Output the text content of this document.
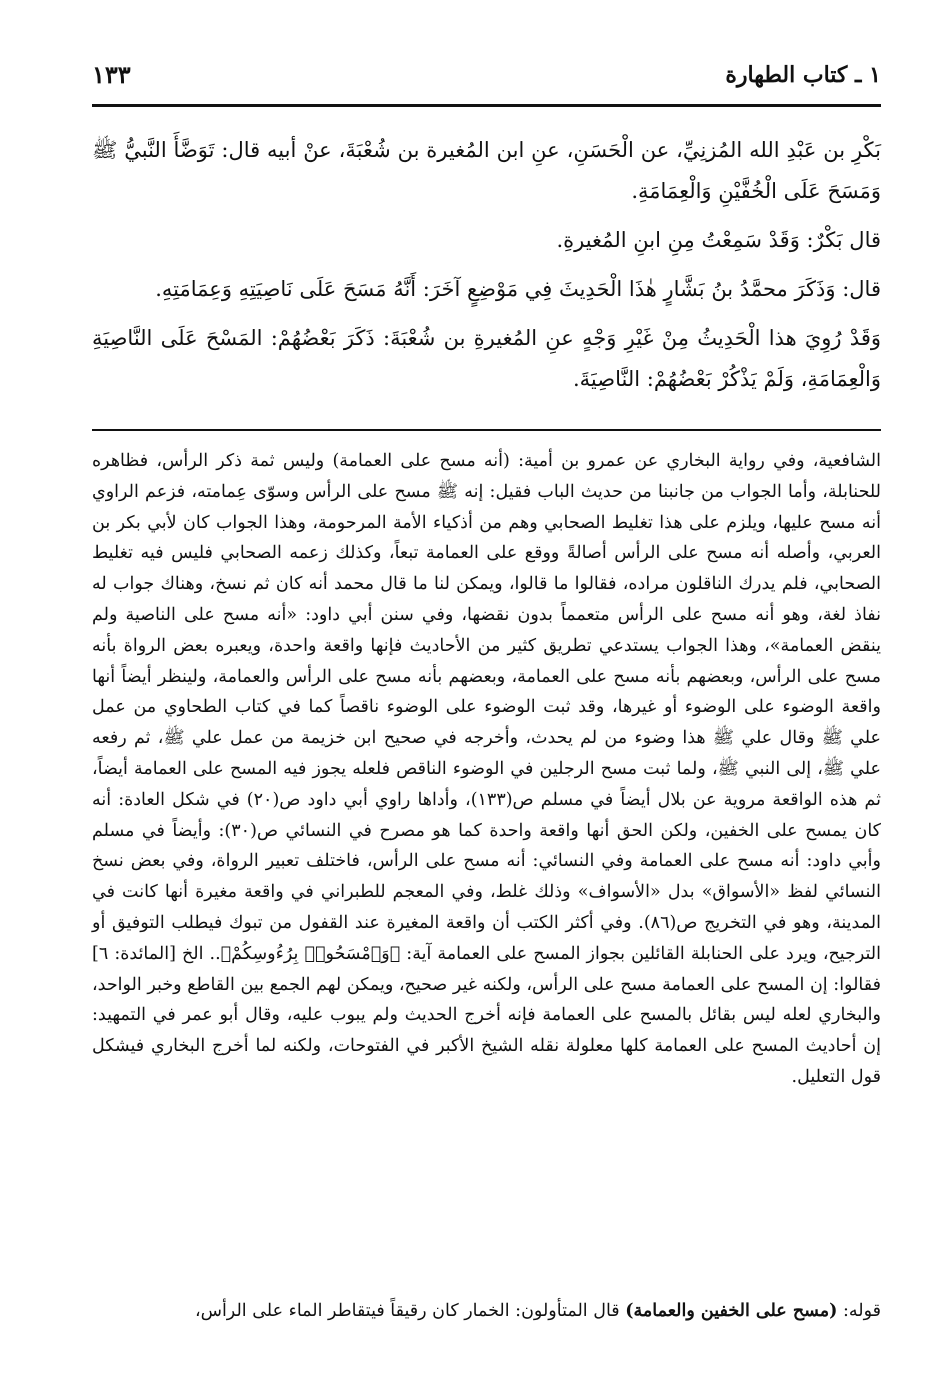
١ ـ كتاب الطهارة
١٣٣

بَكْرِ بن عَبْدِ الله المُزنِيِّ، عن الْحَسَنِ، عنِ ابن المُغيرة بن شُعْبَةَ، عنْ أبيه قال: تَوَضَّأَ النَّبيُّ ﷺ وَمَسَحَ عَلَى الْخُفَّيْنِ وَالْعِمَامَةِ.

قال بَكْرٌ: وَقَدْ سَمِعْتُ مِنِ ابنِ المُغيرةِ.

قال: وَذَكَرَ محمَّدُ بنُ بَشَّارٍ هٰذَا الْحَدِيثَ فِي مَوْضِعٍ آخَرَ: أَنَّهُ مَسَحَ عَلَى نَاصِيَتِهِ وَعِمَامَتِهِ.

وَقَدْ رُوِيَ هذا الْحَدِيثُ مِنْ غَيْرِ وَجْهٍ عنِ المُغيرةِ بن شُعْبَةَ: ذَكَرَ بَعْضُهُمْ: المَسْحَ عَلَى النَّاصِيَةِ وَالْعِمَامَةِ، وَلَمْ يَذْكُرْ بَعْضُهُمْ: النَّاصِيَةَ.

الشافعية، وفي رواية البخاري عن عمرو بن أمية: (أنه مسح على العمامة) وليس ثمة ذكر الرأس، فظاهره للحنابلة، وأما الجواب من جانبنا من حديث الباب فقيل: إنه ﷺ مسح على الرأس وسوّى عِمامته، فزعم الراوي أنه مسح عليها، ويلزم على هذا تغليط الصحابي وهم من أذكياء الأمة المرحومة، وهذا الجواب كان لأبي بكر بن العربي، وأصله أنه مسح على الرأس أصالةً ووقع على العمامة تبعاً، وكذلك زعمه الصحابي فليس فيه تغليط الصحابي، فلم يدرك الناقلون مراده، فقالوا ما قالوا، ويمكن لنا ما قال محمد أنه كان ثم نسخ، وهناك جواب له نفاذ لغة، وهو أنه مسح على الرأس متعمماً بدون نقضها، وفي سنن أبي داود: «أنه مسح على الناصية ولم ينقض العمامة»، وهذا الجواب يستدعي تطريق كثير من الأحاديث فإنها واقعة واحدة، ويعبره بعض الرواة بأنه مسح على الرأس، وبعضهم بأنه مسح على العمامة، وبعضهم بأنه مسح على الرأس والعمامة، ولينظر أيضاً أنها واقعة الوضوء على الوضوء أو غيرها، وقد ثبت الوضوء على الوضوء ناقصاً كما في كتاب الطحاوي من عمل علي ﷺ وقال علي ﷺ هذا وضوء من لم يحدث، وأخرجه في صحيح ابن خزيمة من عمل علي ﷺ، ثم رفعه علي ﷺ، إلى النبي ﷺ، ولما ثبت مسح الرجلين في الوضوء الناقص فلعله يجوز فيه المسح على العمامة أيضاً، ثم هذه الواقعة مروية عن بلال أيضاً في مسلم ص(١٣٣)، وأداها راوي أبي داود ص(٢٠) في شكل العادة: أنه كان يمسح على الخفين، ولكن الحق أنها واقعة واحدة كما هو مصرح في النسائي ص(٣٠): وأيضاً في مسلم وأبي داود: أنه مسح على العمامة وفي النسائي: أنه مسح على الرأس، فاختلف تعبير الرواة، وفي بعض نسخ النسائي لفظ «الأسواق» بدل «الأسواف» وذلك غلط، وفي المعجم للطبراني في واقعة مغيرة أنها كانت في المدينة، وهو في التخريج ص(٨٦). وفي أكثر الكتب أن واقعة المغيرة عند القفول من تبوك فيطلب التوفيق أو الترجيح، ويرد على الحنابلة القائلين بجواز المسح على العمامة آية: ﴿وَٱمْسَحُوا۟ بِرُءُوسِكُمْ﴾.. الخ [المائدة: ٦] فقالوا: إن المسح على العمامة مسح على الرأس، ولكنه غير صحيح، ويمكن لهم الجمع بين القاطع وخبر الواحد، والبخاري لعله ليس بقائل بالمسح على العمامة فإنه أخرج الحديث ولم يبوب عليه، وقال أبو عمر في التمهيد: إن أحاديث المسح على العمامة كلها معلولة نقله الشيخ الأكبر في الفتوحات، ولكنه لما أخرج البخاري فيشكل قول التعليل.

قوله: (مسح على الخفين والعمامة) قال المتأولون: الخمار كان رقيقاً فيتقاطر الماء على الرأس،
